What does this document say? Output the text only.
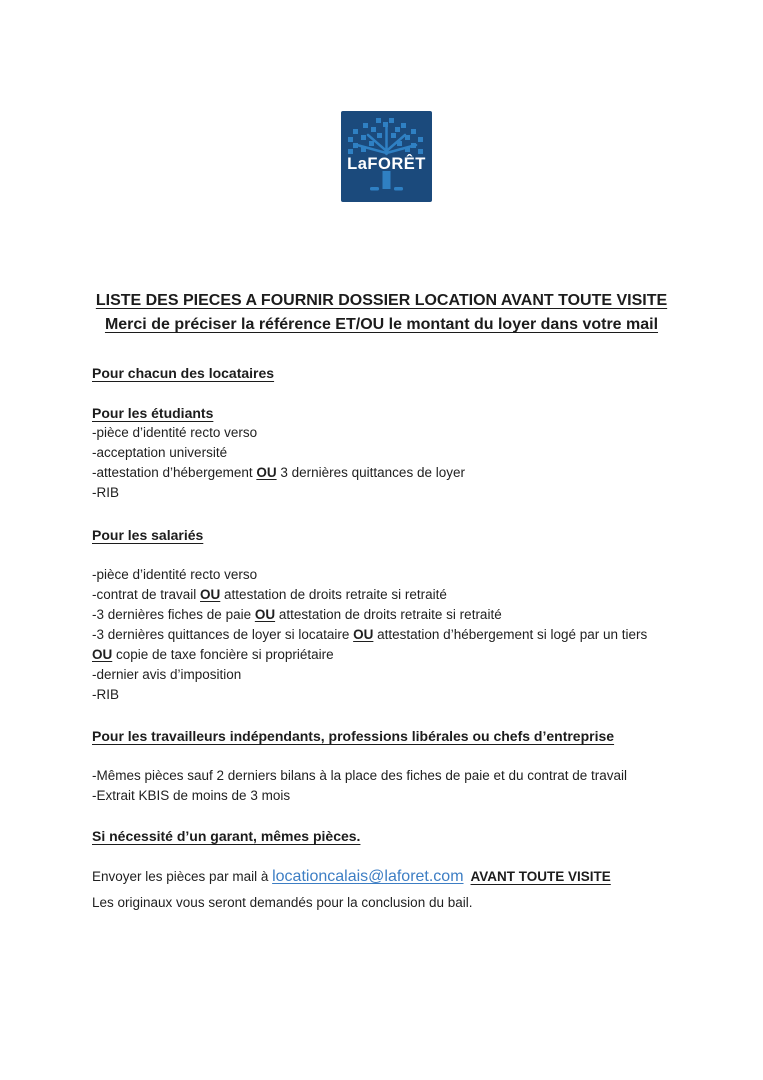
LaFORÊT
LISTE DES PIECES A FOURNIR DOSSIER LOCATION AVANT TOUTE VISITE
Merci de préciser la référence ET/OU le montant du loyer dans votre mail
Pour chacun des locataires
Pour les étudiants
-pièce d’identité recto verso
-acceptation université
-attestation d’hébergement OU 3 dernières quittances de loyer
-RIB
Pour les salariés
-pièce d’identité recto verso
-contrat de travail OU attestation de droits retraite si retraité
-3 dernières fiches de paie OU attestation de droits retraite si retraité
-3 dernières quittances de loyer si locataire OU attestation d’hébergement si logé par un tiers
OU copie de taxe foncière si propriétaire
-dernier avis d’imposition
-RIB
Pour les travailleurs indépendants, professions libérales ou chefs d’entreprise
-Mêmes pièces sauf 2 derniers bilans à la place des fiches de paie et du contrat de travail
-Extrait KBIS de moins de 3 mois
Si nécessité d’un garant, mêmes pièces.
Envoyer les pièces par mail à locationcalais@laforet.com AVANT TOUTE VISITE
Les originaux vous seront demandés pour la conclusion du bail.
